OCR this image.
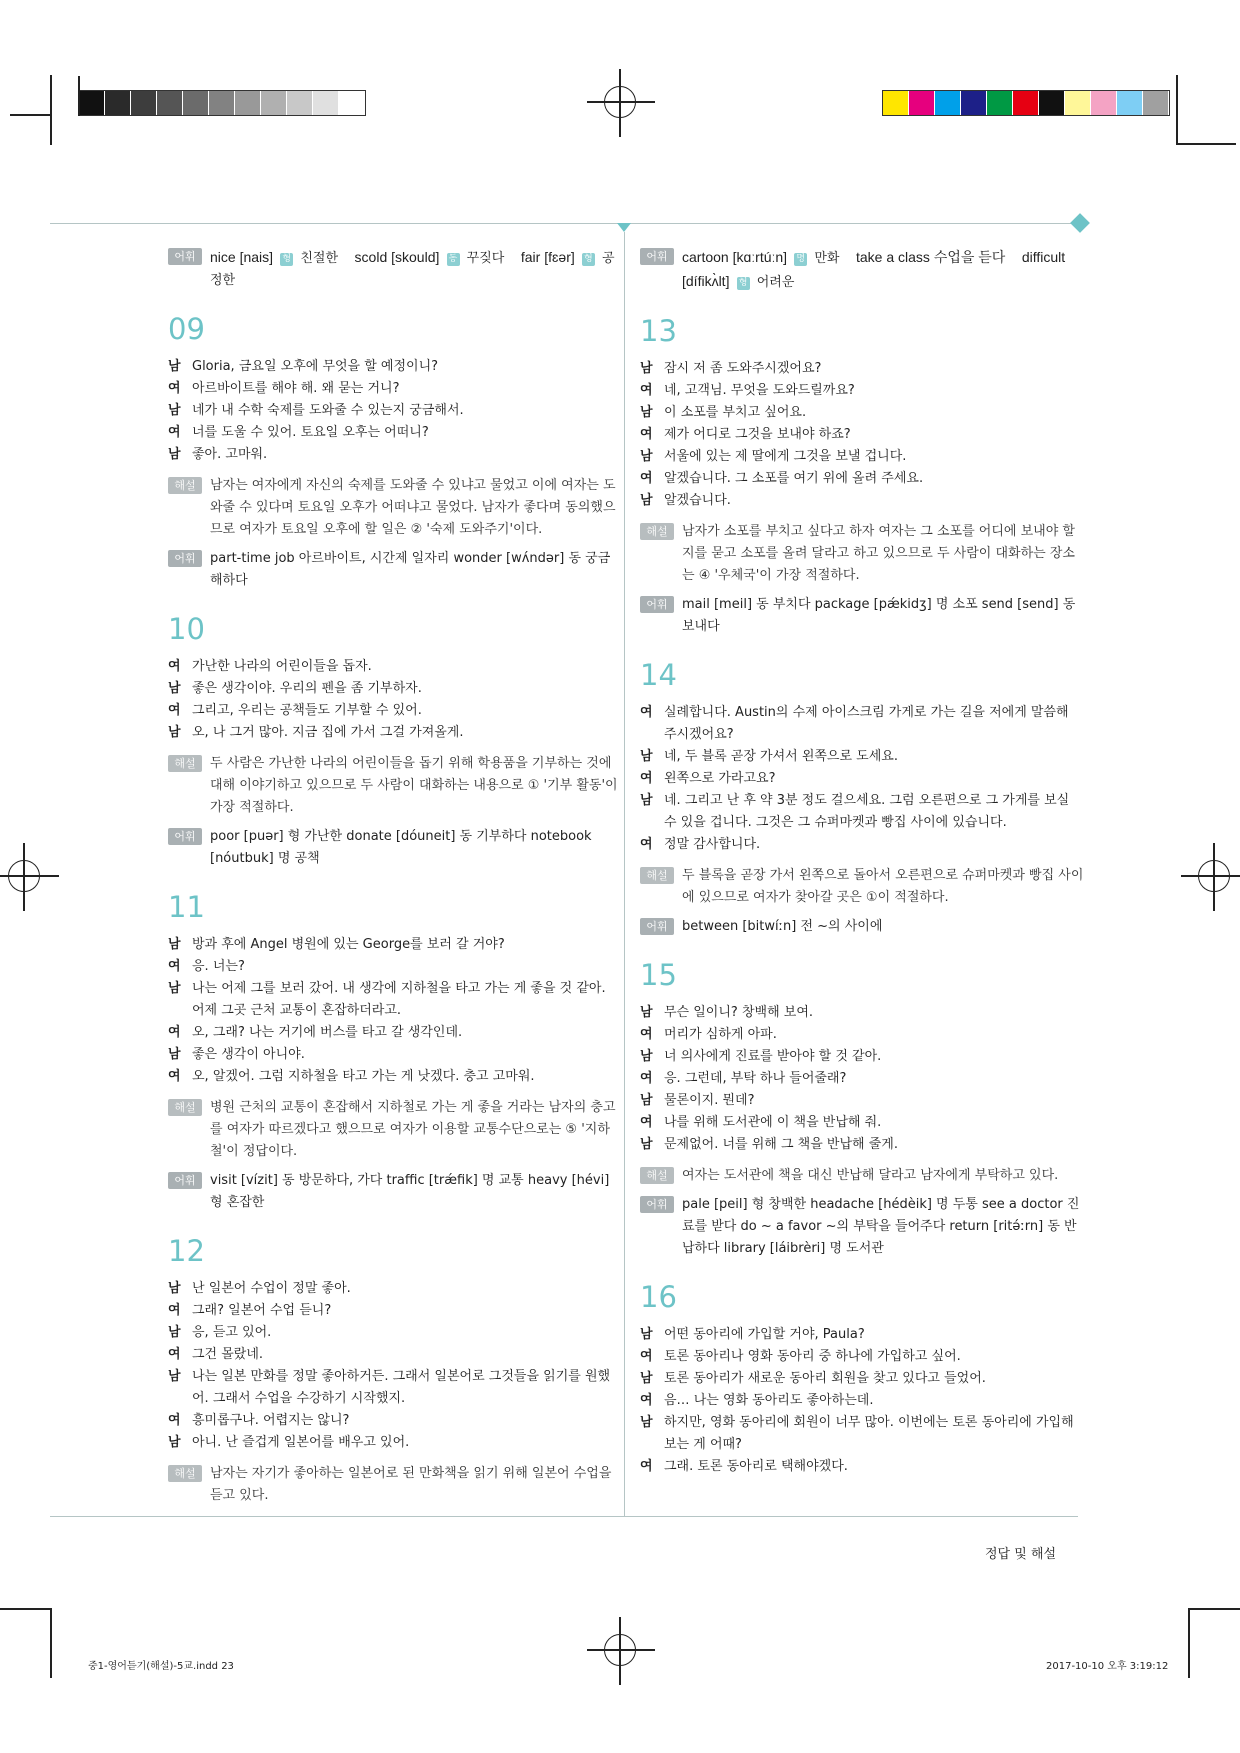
어휘	nice [nais] 형 친절한 scold [skould] 동 꾸짖다 fair [fɛər] 형 공정한
09
남 Gloria, 금요일 오후에 무엇을 할 예정이니?
여 아르바이트를 해야 해. 왜 묻는 거니?
남 네가 내 수학 숙제를 도와줄 수 있는지 궁금해서.
여 너를 도울 수 있어. 토요일 오후는 어떠니?
남 좋아. 고마워.
해설	남자는 여자에게 자신의 숙제를 도와줄 수 있냐고 물었고 이에 여자는 도와줄 수 있다며 토요일 오후가 어떠냐고 물었다. 남자가 좋다며 동의했으므로 여자가 토요일 오후에 할 일은 ② '숙제 도와주기'이다.
어휘	part-time job 아르바이트, 시간제 일자리 wonder [wʌ́ndər] 동 궁금해하다
10
여 가난한 나라의 어린이들을 돕자.
남 좋은 생각이야. 우리의 펜을 좀 기부하자.
여 그리고, 우리는 공책들도 기부할 수 있어.
남 오, 나 그거 많아. 지금 집에 가서 그걸 가져올게.
해설	두 사람은 가난한 나라의 어린이들을 돕기 위해 학용품을 기부하는 것에 대해 이야기하고 있으므로 두 사람이 대화하는 내용으로 ① '기부 활동'이 가장 적절하다.
어휘	poor [puər] 형 가난한 donate [dóuneit] 동 기부하다 notebook [nóutbuk] 명 공책
11
남 방과 후에 Angel 병원에 있는 George를 보러 갈 거야?
여 응. 너는?
남 나는 어제 그를 보러 갔어. 내 생각에 지하철을 타고 가는 게 좋을 것 같아. 어제 그곳 근처 교통이 혼잡하더라고.
여 오, 그래? 나는 거기에 버스를 타고 갈 생각인데.
남 좋은 생각이 아니야.
여 오, 알겠어. 그럼 지하철을 타고 가는 게 낫겠다. 충고 고마워.
해설	병원 근처의 교통이 혼잡해서 지하철로 가는 게 좋을 거라는 남자의 충고를 여자가 따르겠다고 했으므로 여자가 이용할 교통수단으로는 ⑤ '지하철'이 정답이다.
어휘	visit [vízit] 동 방문하다, 가다 traffic [trǽfik] 명 교통 heavy [hévi] 형 혼잡한
12
남 난 일본어 수업이 정말 좋아.
여 그래? 일본어 수업 듣니?
남 응, 듣고 있어.
여 그건 몰랐네.
남 나는 일본 만화를 정말 좋아하거든. 그래서 일본어로 그것들을 읽기를 원했어. 그래서 수업을 수강하기 시작했지.
여 흥미롭구나. 어렵지는 않니?
남 아니. 난 즐겁게 일본어를 배우고 있어.
해설	남자는 자기가 좋아하는 일본어로 된 만화책을 읽기 위해 일본어 수업을 듣고 있다.
어휘	cartoon [kɑːrtúːn] 명 만화 take a class 수업을 듣다 difficult [dífikʌ̀lt] 형 어려운
13
남 잠시 저 좀 도와주시겠어요?
여 네, 고객님. 무엇을 도와드릴까요?
남 이 소포를 부치고 싶어요.
여 제가 어디로 그것을 보내야 하죠?
남 서울에 있는 제 딸에게 그것을 보낼 겁니다.
여 알겠습니다. 그 소포를 여기 위에 올려 주세요.
남 알겠습니다.
해설	남자가 소포를 부치고 싶다고 하자 여자는 그 소포를 어디에 보내야 할지를 묻고 소포를 올려 달라고 하고 있으므로 두 사람이 대화하는 장소는 ④ '우체국'이 가장 적절하다.
어휘	mail [meil] 동 부치다 package [pǽkidʒ] 명 소포 send [send] 동 보내다
14
여 실례합니다. Austin의 수제 아이스크림 가게로 가는 길을 저에게 말씀해 주시겠어요?
남 네, 두 블록 곧장 가셔서 왼쪽으로 도세요.
여 왼쪽으로 가라고요?
남 네. 그리고 난 후 약 3분 정도 걸으세요. 그럼 오른편으로 그 가게를 보실 수 있을 겁니다. 그것은 그 슈퍼마켓과 빵집 사이에 있습니다.
여 정말 감사합니다.
해설	두 블록을 곧장 가서 왼쪽으로 돌아서 오른편으로 슈퍼마켓과 빵집 사이에 있으므로 여자가 찾아갈 곳은 ①이 적절하다.
어휘	between [bitwíːn] 전 ~의 사이에
15
남 무슨 일이니? 창백해 보여.
여 머리가 심하게 아파.
남 너 의사에게 진료를 받아야 할 것 같아.
여 응. 그런데, 부탁 하나 들어줄래?
남 물론이지. 뭔데?
여 나를 위해 도서관에 이 책을 반납해 줘.
남 문제없어. 너를 위해 그 책을 반납해 줄게.
해설	여자는 도서관에 책을 대신 반납해 달라고 남자에게 부탁하고 있다.
어휘	pale [peil] 형 창백한 headache [hédèik] 명 두통 see a doctor 진료를 받다 do ~ a favor ~의 부탁을 들어주다 return [ritə́ːrn] 동 반납하다 library [láibrèri] 명 도서관
16
남 어떤 동아리에 가입할 거야, Paula?
여 토론 동아리나 영화 동아리 중 하나에 가입하고 싶어.
남 토론 동아리가 새로운 동아리 회원을 찾고 있다고 들었어.
여 음… 나는 영화 동아리도 좋아하는데.
남 하지만, 영화 동아리에 회원이 너무 많아. 이번에는 토론 동아리에 가입해 보는 게 어때?
여 그래. 토론 동아리로 택해야겠다.
정답 및 해설
중1-영어듣기(해설)-5교.indd 23	2017-10-10 오후 3:19:12
